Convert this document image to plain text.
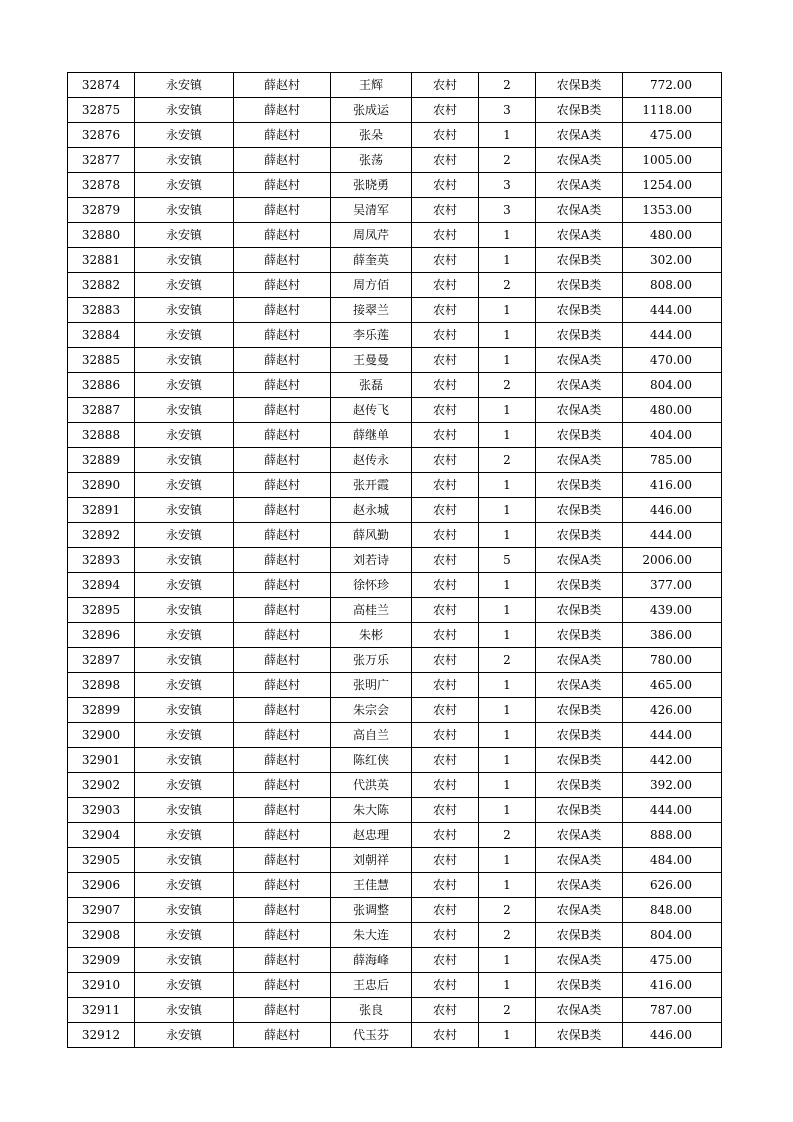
32874	永安镇	薛赵村	王辉	农村	2	农保B类	772.00
32875	永安镇	薛赵村	张成运	农村	3	农保B类	1118.00
32876	永安镇	薛赵村	张朵	农村	1	农保A类	475.00
32877	永安镇	薛赵村	张荡	农村	2	农保A类	1005.00
32878	永安镇	薛赵村	张晓勇	农村	3	农保A类	1254.00
32879	永安镇	薛赵村	吴清军	农村	3	农保A类	1353.00
32880	永安镇	薛赵村	周凤芹	农村	1	农保A类	480.00
32881	永安镇	薛赵村	薛奎英	农村	1	农保B类	302.00
32882	永安镇	薛赵村	周方佰	农村	2	农保B类	808.00
32883	永安镇	薛赵村	接翠兰	农村	1	农保B类	444.00
32884	永安镇	薛赵村	李乐莲	农村	1	农保B类	444.00
32885	永安镇	薛赵村	王曼曼	农村	1	农保A类	470.00
32886	永安镇	薛赵村	张磊	农村	2	农保A类	804.00
32887	永安镇	薛赵村	赵传飞	农村	1	农保A类	480.00
32888	永安镇	薛赵村	薛继单	农村	1	农保B类	404.00
32889	永安镇	薛赵村	赵传永	农村	2	农保A类	785.00
32890	永安镇	薛赵村	张开霞	农村	1	农保B类	416.00
32891	永安镇	薛赵村	赵永城	农村	1	农保B类	446.00
32892	永安镇	薛赵村	薛风勤	农村	1	农保B类	444.00
32893	永安镇	薛赵村	刘若诗	农村	5	农保A类	2006.00
32894	永安镇	薛赵村	徐怀珍	农村	1	农保B类	377.00
32895	永安镇	薛赵村	高桂兰	农村	1	农保B类	439.00
32896	永安镇	薛赵村	朱彬	农村	1	农保B类	386.00
32897	永安镇	薛赵村	张万乐	农村	2	农保A类	780.00
32898	永安镇	薛赵村	张明广	农村	1	农保A类	465.00
32899	永安镇	薛赵村	朱宗会	农村	1	农保B类	426.00
32900	永安镇	薛赵村	高自兰	农村	1	农保B类	444.00
32901	永安镇	薛赵村	陈红侠	农村	1	农保B类	442.00
32902	永安镇	薛赵村	代洪英	农村	1	农保B类	392.00
32903	永安镇	薛赵村	朱大陈	农村	1	农保B类	444.00
32904	永安镇	薛赵村	赵忠理	农村	2	农保A类	888.00
32905	永安镇	薛赵村	刘朝祥	农村	1	农保A类	484.00
32906	永安镇	薛赵村	王佳慧	农村	1	农保A类	626.00
32907	永安镇	薛赵村	张调整	农村	2	农保A类	848.00
32908	永安镇	薛赵村	朱大连	农村	2	农保B类	804.00
32909	永安镇	薛赵村	薛海峰	农村	1	农保A类	475.00
32910	永安镇	薛赵村	王忠后	农村	1	农保B类	416.00
32911	永安镇	薛赵村	张良	农村	2	农保A类	787.00
32912	永安镇	薛赵村	代玉芬	农村	1	农保B类	446.00
